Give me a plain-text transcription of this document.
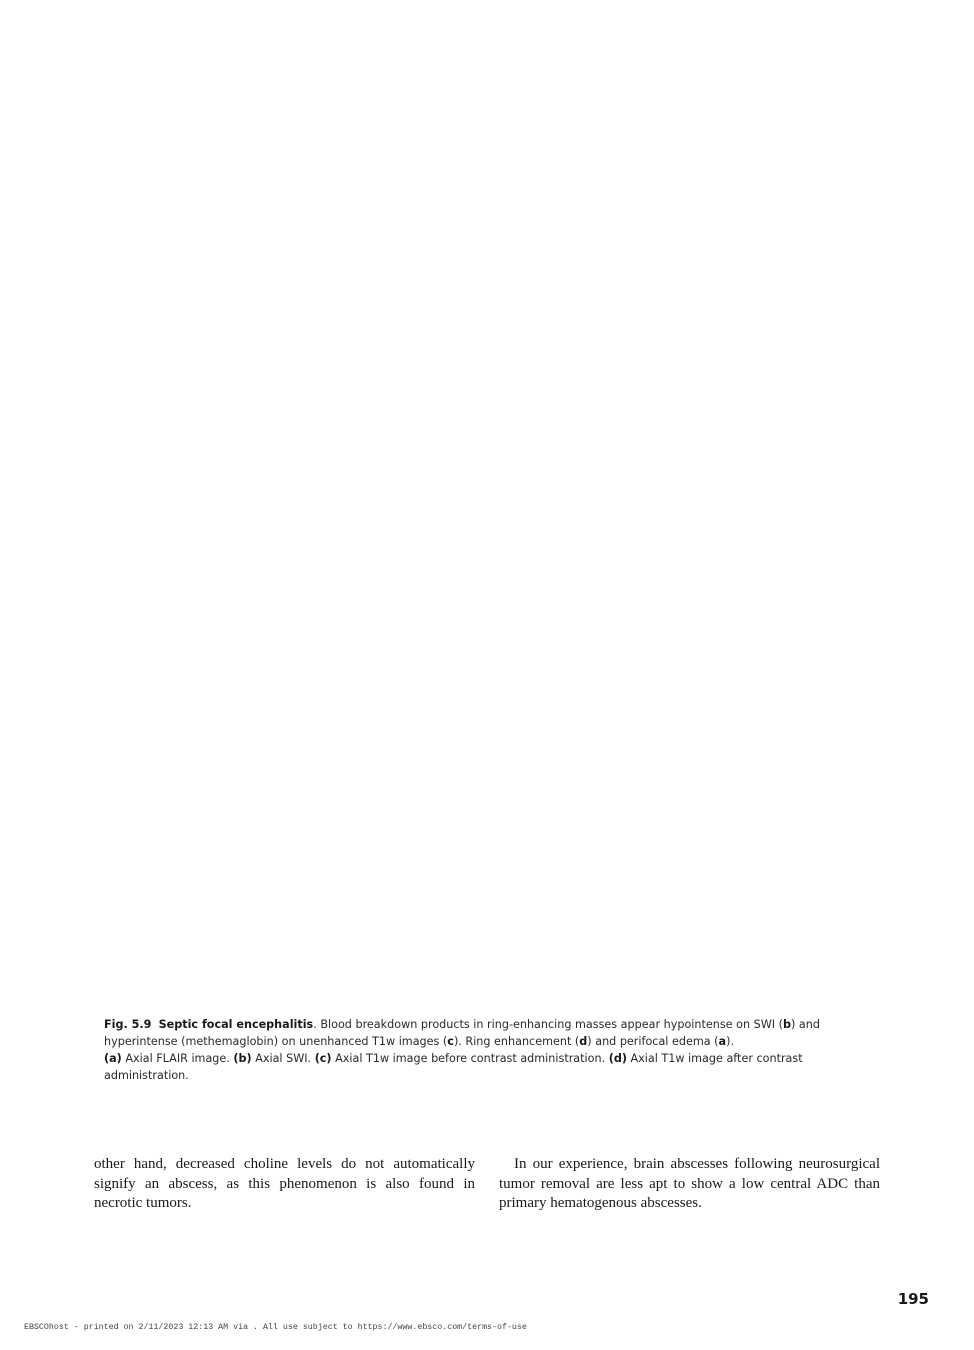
Fig. 5.9 Septic focal encephalitis. Blood breakdown products in ring-enhancing masses appear hypointense on SWI (b) and hyperintense (methemaglobin) on unenhanced T1w images (c). Ring enhancement (d) and perifocal edema (a).

(a) Axial FLAIR image. (b) Axial SWI. (c) Axial T1w image before contrast administration. (d) Axial T1w image after contrast administration.

other hand, decreased choline levels do not automatically signify an abscess, as this phenomenon is also found in necrotic tumors.

In our experience, brain abscesses following neurosurgical tumor removal are less apt to show a low central ADC than primary hematogenous abscesses.

195
EBSCOhost - printed on 2/11/2023 12:13 AM via . All use subject to https://www.ebsco.com/terms-of-use
